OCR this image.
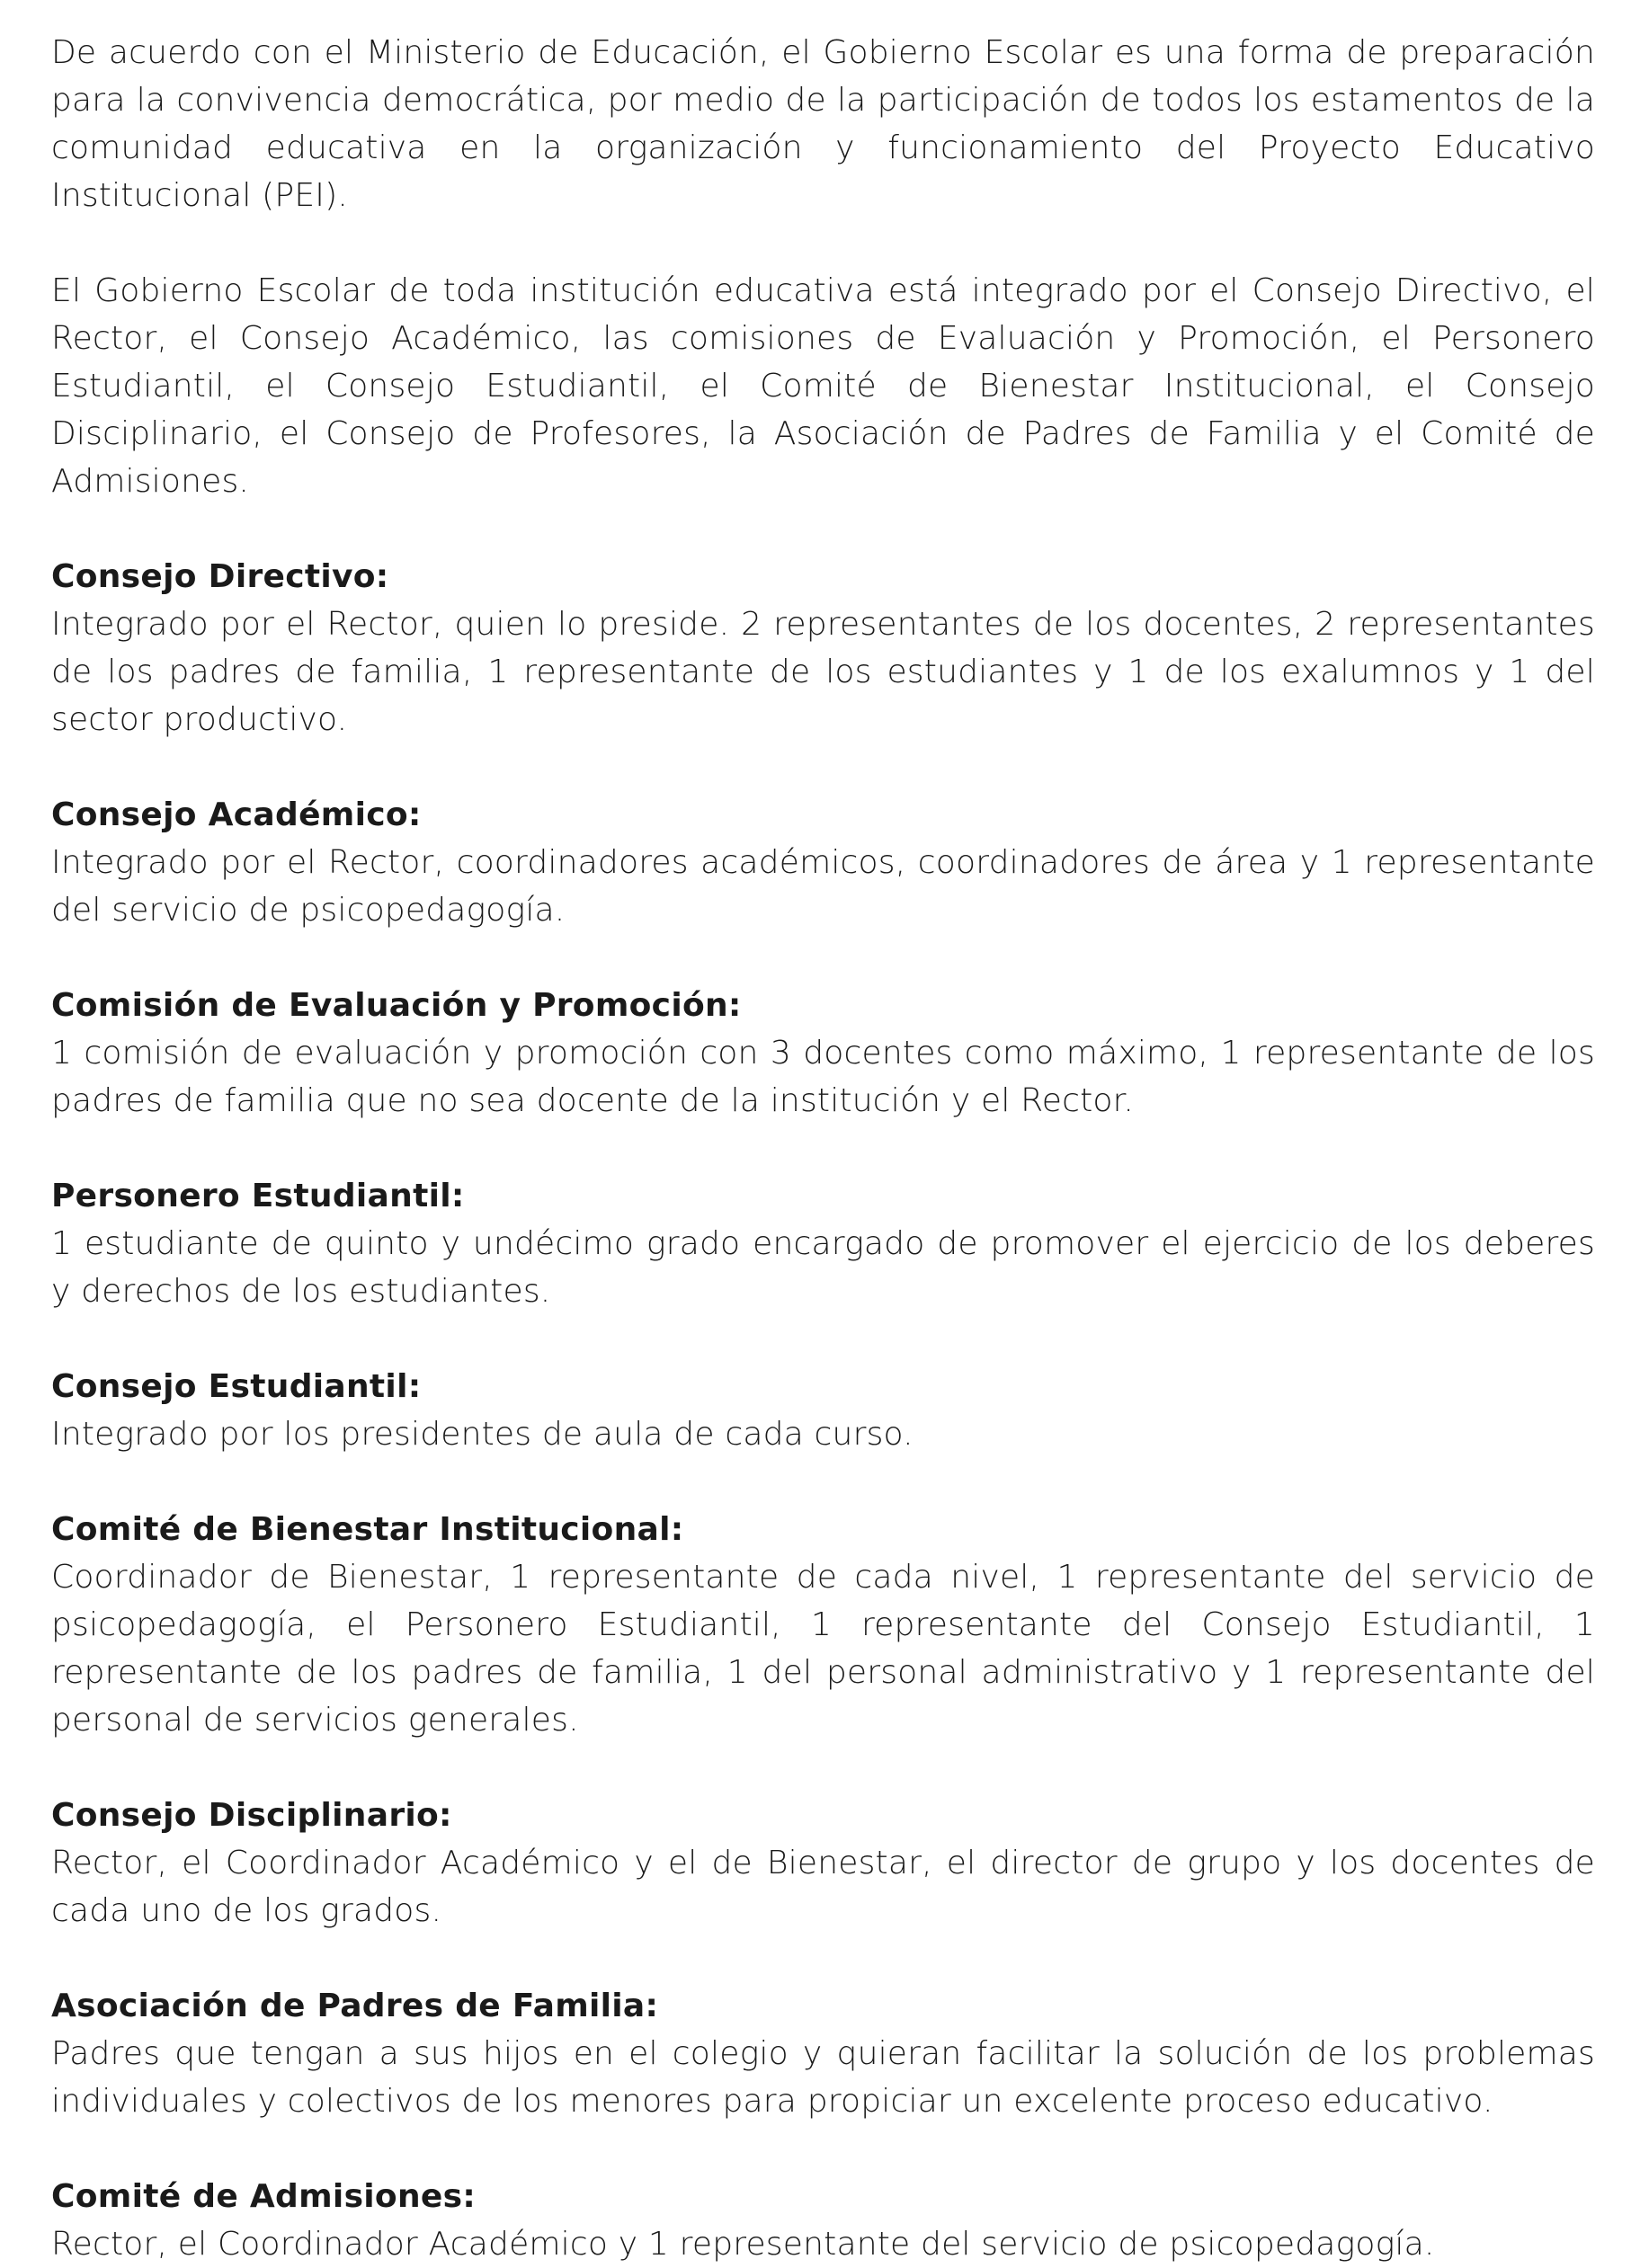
De acuerdo con el Ministerio de Educación, el Gobierno Escolar es una forma de preparación para la convivencia democrática, por medio de la participación de todos los estamentos de la comunidad educativa en la organización y funcionamiento del Proyecto Educativo Institucional (PEI).

El Gobierno Escolar de toda institución educativa está integrado por el Consejo Directivo, el Rector, el Consejo Académico, las comisiones de Evaluación y Promoción, el Personero Estudiantil, el Consejo Estudiantil, el Comité de Bienestar Institucional, el Consejo Disciplinario, el Consejo de Profesores, la Asociación de Padres de Familia y el Comité de Admisiones.

Consejo Directivo:

Integrado por el Rector, quien lo preside. 2 representantes de los docentes, 2 representantes de los padres de familia, 1 representante de los estudiantes y 1 de los exalumnos y 1 del sector productivo.

Consejo Académico:

Integrado por el Rector, coordinadores académicos, coordinadores de área y 1 representante del servicio de psicopedagogía.

Comisión de Evaluación y Promoción:

1 comisión de evaluación y promoción con 3 docentes como máximo, 1 representante de los padres de familia que no sea docente de la institución y el Rector.

Personero Estudiantil:

1 estudiante de quinto y undécimo grado encargado de promover el ejercicio de los deberes y derechos de los estudiantes.

Consejo Estudiantil:

Integrado por los presidentes de aula de cada curso.

Comité de Bienestar Institucional:

Coordinador de Bienestar, 1 representante de cada nivel, 1 representante del servicio de psicopedagogía, el Personero Estudiantil, 1 representante del Consejo Estudiantil, 1 representante de los padres de familia, 1 del personal administrativo y 1 representante del personal de servicios generales.

Consejo Disciplinario:

Rector, el Coordinador Académico y el de Bienestar, el director de grupo y los docentes de cada uno de los grados.

Asociación de Padres de Familia:

Padres que tengan a sus hijos en el colegio y quieran facilitar la solución de los problemas individuales y colectivos de los menores para propiciar un excelente proceso educativo.

Comité de Admisiones:

Rector, el Coordinador Académico y 1 representante del servicio de psicopedagogía.
